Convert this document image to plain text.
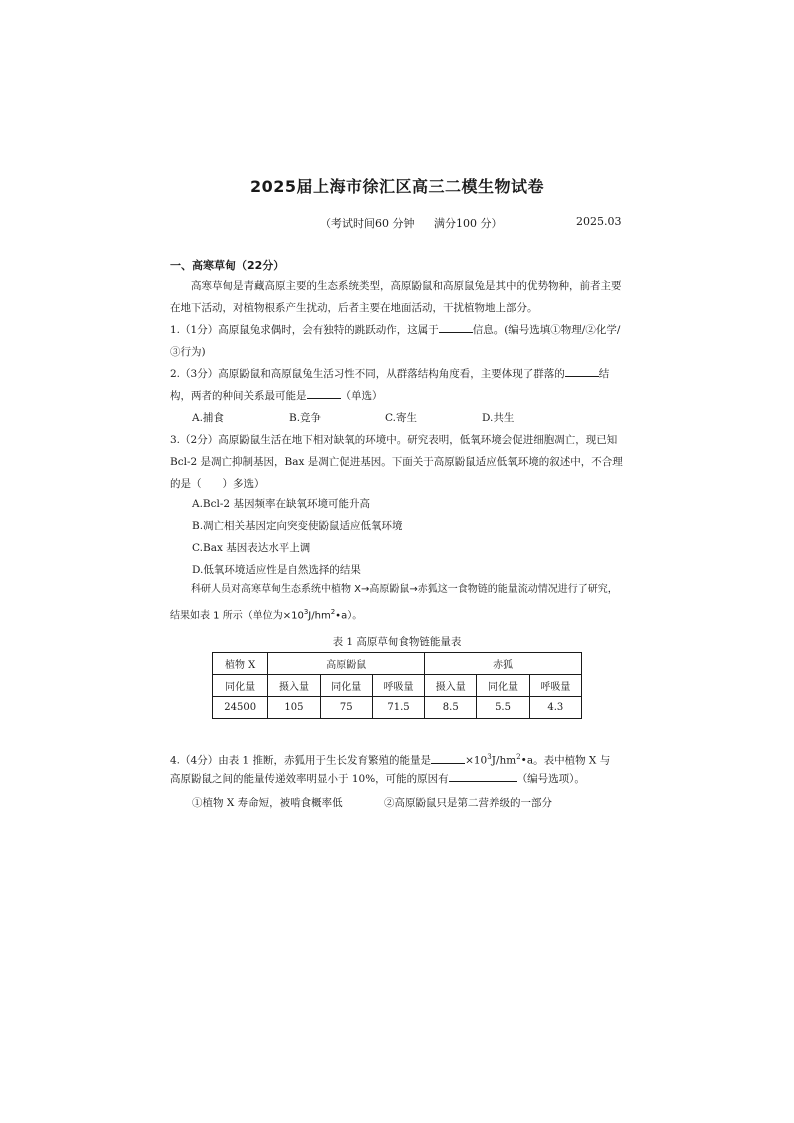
2025届上海市徐汇区高三二模生物试卷
（考试时间60 分钟 满分100 分）	2025.03
一、高寒草甸（22分）

高寒草甸是青藏高原主要的生态系统类型，高原鼢鼠和高原鼠兔是其中的优势物种，前者主要在地下活动，对植物根系产生扰动，后者主要在地面活动，干扰植物地上部分。

1.（1分）高原鼠兔求偶时，会有独特的跳跃动作，这属于	信息。(编号选填①物理/②化学/③行为)

2.（3分）高原鼢鼠和高原鼠兔生活习性不同，从群落结构角度看，主要体现了群落的	结构，两者的种间关系最可能是	（单选）

A.捕食	B.竞争	C.寄生	D.共生

3.（2分）高原鼢鼠生活在地下相对缺氧的环境中。研究表明，低氧环境会促进细胞凋亡，现已知 Bcl-2 是凋亡抑制基因，Bax 是凋亡促进基因。下面关于高原鼢鼠适应低氧环境的叙述中，不合理的是（　　）多选）

A.Bcl-2 基因频率在缺氧环境可能升高
B.凋亡相关基因定向突变使鼢鼠适应低氧环境
C.Bax 基因表达水平上调
D.低氧环境适应性是自然选择的结果

科研人员对高寒草甸生态系统中植物 X→高原鼢鼠→赤狐这一食物链的能量流动情况进行了研究，结果如表 1 所示（单位为$\times 10^3J/hm^2•a$）。

表 1 高原草甸食物链能量表
植物 X	高原鼢鼠			赤狐		
同化量	摄入量	同化量	呼吸量	摄入量	同化量	呼吸量
24500	105	75	71.5	8.5	5.5	4.3

4.（4分）由表 1 推断，赤狐用于生长发育繁殖的能量是	$\times 10^3J/hm^2•a$。表中植物 X 与

高原鼢鼠之间的能量传递效率明显小于 10%，可能的原因有	（编号选项）。

①植物 X 寿命短，被啃食概率低	②高原鼢鼠只是第二营养级的一部分
